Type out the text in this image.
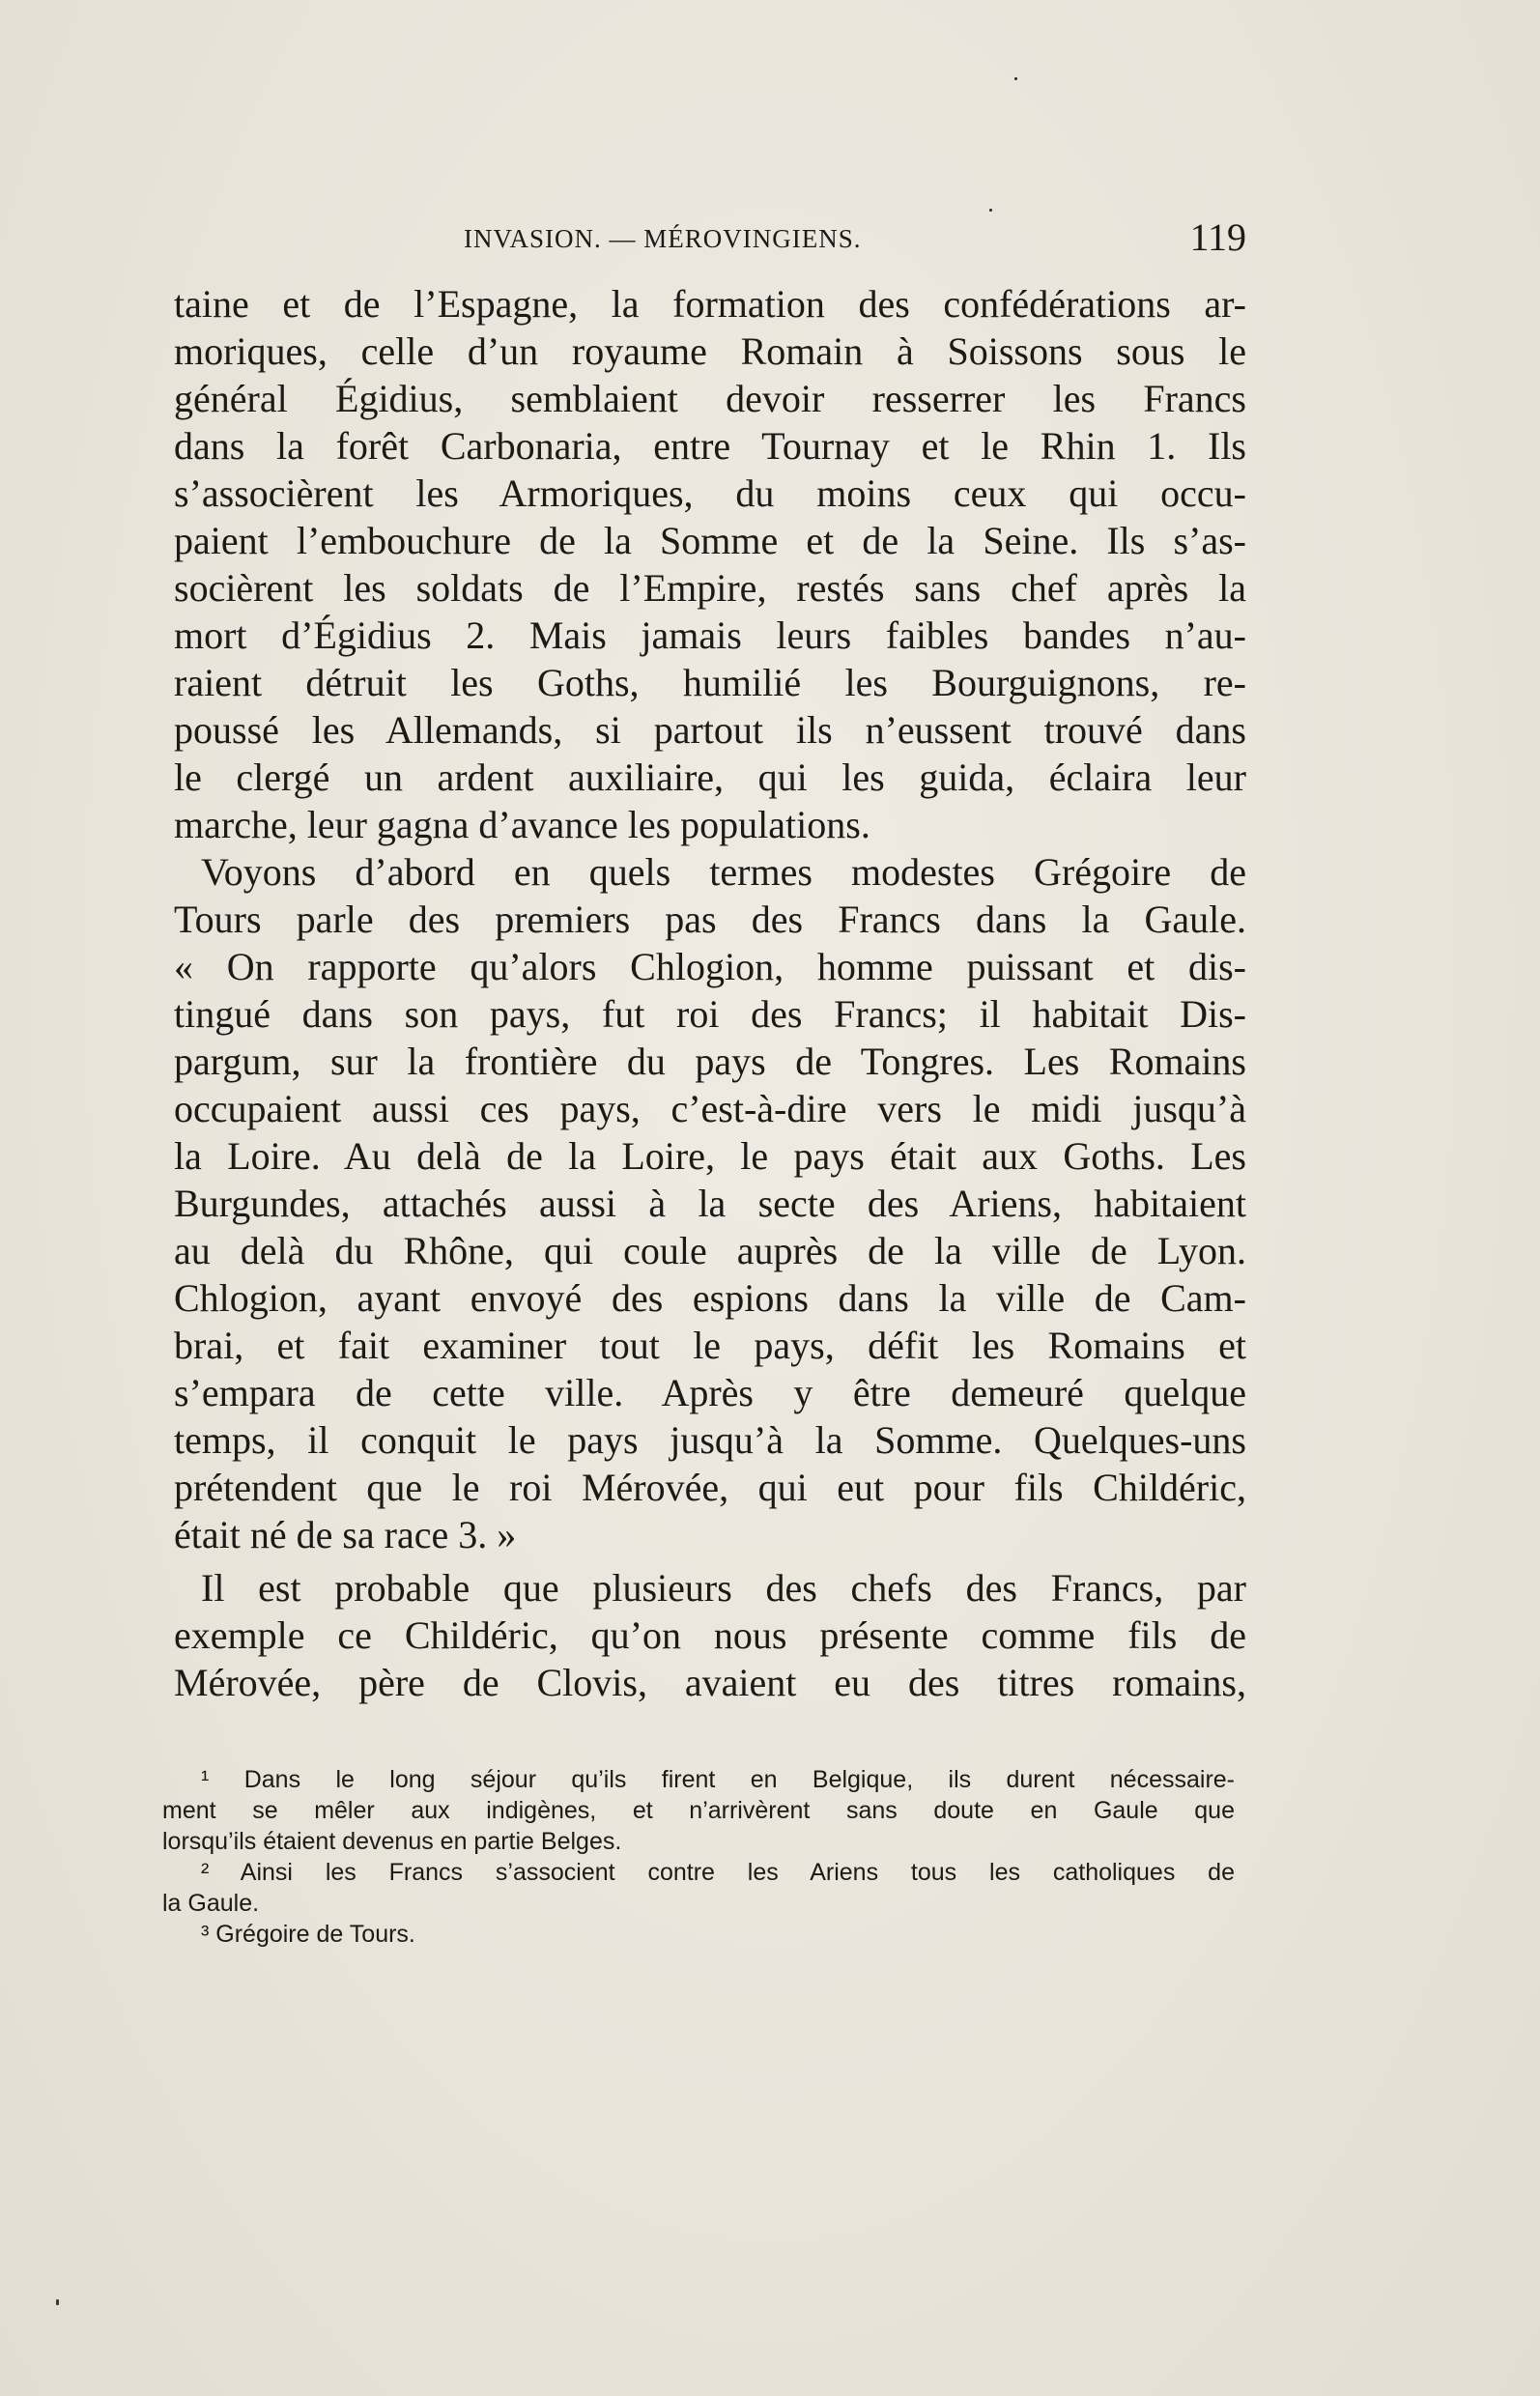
INVASION. — MÉROVINGIENS.	119
taine et de l’Espagne, la formation des confédérations ar-
moriques, celle d’un royaume Romain à Soissons sous le
général Égidius, semblaient devoir resserrer les Francs
dans la forêt Carbonaria, entre Tournay et le Rhin 1. Ils
s’associèrent les Armoriques, du moins ceux qui occu-
paient l’embouchure de la Somme et de la Seine. Ils s’as-
socièrent les soldats de l’Empire, restés sans chef après la
mort d’Égidius 2. Mais jamais leurs faibles bandes n’au-
raient détruit les Goths, humilié les Bourguignons, re-
poussé les Allemands, si partout ils n’eussent trouvé dans
le clergé un ardent auxiliaire, qui les guida, éclaira leur
marche, leur gagna d’avance les populations.
Voyons d’abord en quels termes modestes Grégoire de
Tours parle des premiers pas des Francs dans la Gaule.
« On rapporte qu’alors Chlogion, homme puissant et dis-
tingué dans son pays, fut roi des Francs; il habitait Dis-
pargum, sur la frontière du pays de Tongres. Les Romains
occupaient aussi ces pays, c’est-à-dire vers le midi jusqu’à
la Loire. Au delà de la Loire, le pays était aux Goths. Les
Burgundes, attachés aussi à la secte des Ariens, habitaient
au delà du Rhône, qui coule auprès de la ville de Lyon.
Chlogion, ayant envoyé des espions dans la ville de Cam-
brai, et fait examiner tout le pays, défit les Romains et
s’empara de cette ville. Après y être demeuré quelque
temps, il conquit le pays jusqu’à la Somme. Quelques-uns
prétendent que le roi Mérovée, qui eut pour fils Childéric,
était né de sa race 3. »
Il est probable que plusieurs des chefs des Francs, par
exemple ce Childéric, qu’on nous présente comme fils de
Mérovée, père de Clovis, avaient eu des titres romains,
¹ Dans le long séjour qu’ils firent en Belgique, ils durent nécessaire-
ment se mêler aux indigènes, et n’arrivèrent sans doute en Gaule que
lorsqu’ils étaient devenus en partie Belges.
² Ainsi les Francs s’associent contre les Ariens tous les catholiques de
la Gaule.
³ Grégoire de Tours.
